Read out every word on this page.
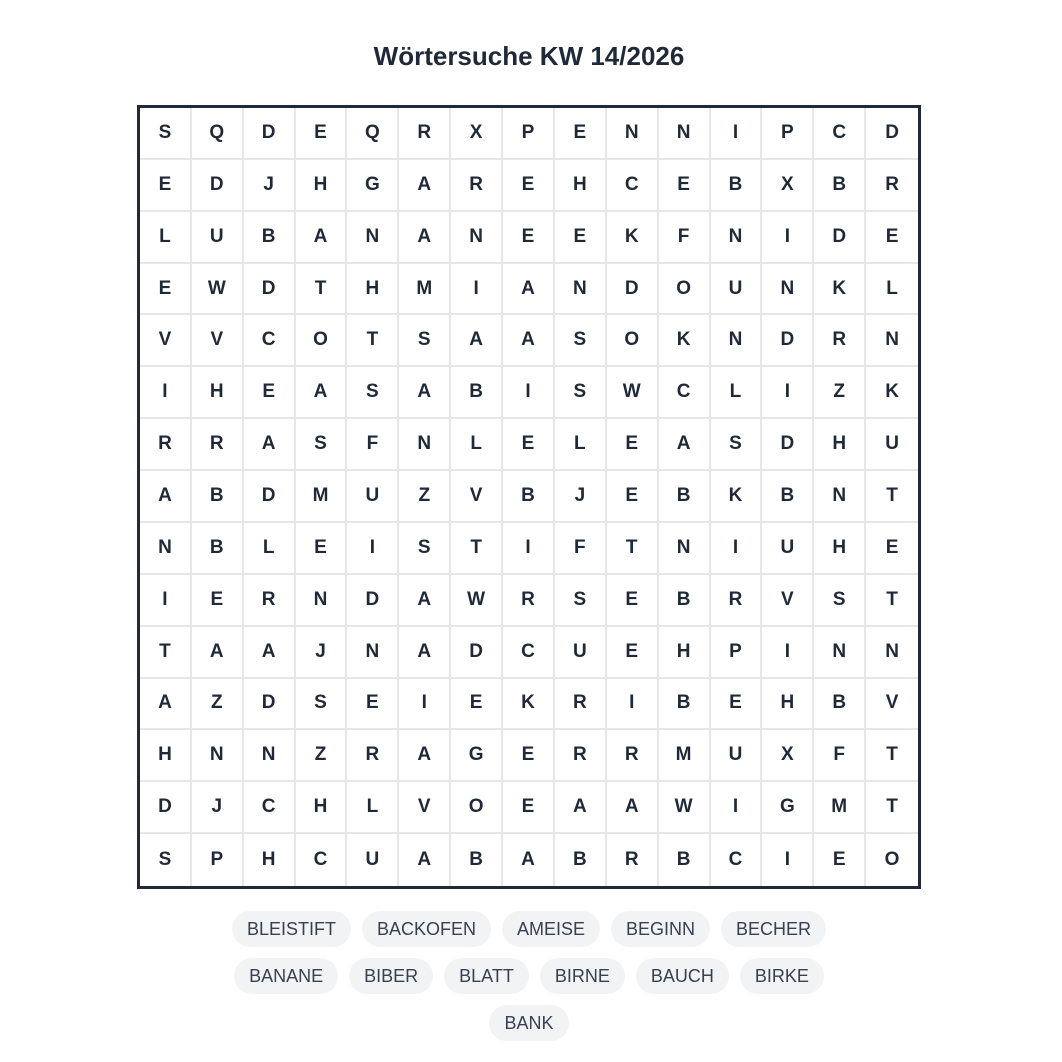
Wörtersuche KW 14/2026
S	Q	D	E	Q	R	X	P	E	N	N	I	P	C	D
E	D	J	H	G	A	R	E	H	C	E	B	X	B	R
L	U	B	A	N	A	N	E	E	K	F	N	I	D	E
E	W	D	T	H	M	I	A	N	D	O	U	N	K	L
V	V	C	O	T	S	A	A	S	O	K	N	D	R	N
I	H	E	A	S	A	B	I	S	W	C	L	I	Z	K
R	R	A	S	F	N	L	E	L	E	A	S	D	H	U
A	B	D	M	U	Z	V	B	J	E	B	K	B	N	T
N	B	L	E	I	S	T	I	F	T	N	I	U	H	E
I	E	R	N	D	A	W	R	S	E	B	R	V	S	T
T	A	A	J	N	A	D	C	U	E	H	P	I	N	N
A	Z	D	S	E	I	E	K	R	I	B	E	H	B	V
H	N	N	Z	R	A	G	E	R	R	M	U	X	F	T
D	J	C	H	L	V	O	E	A	A	W	I	G	M	T
S	P	H	C	U	A	B	A	B	R	B	C	I	E	O
BLEISTIFT	BACKOFEN	AMEISE	BEGINN	BECHER
BANANE	BIBER	BLATT	BIRNE	BAUCH	BIRKE
BANK
